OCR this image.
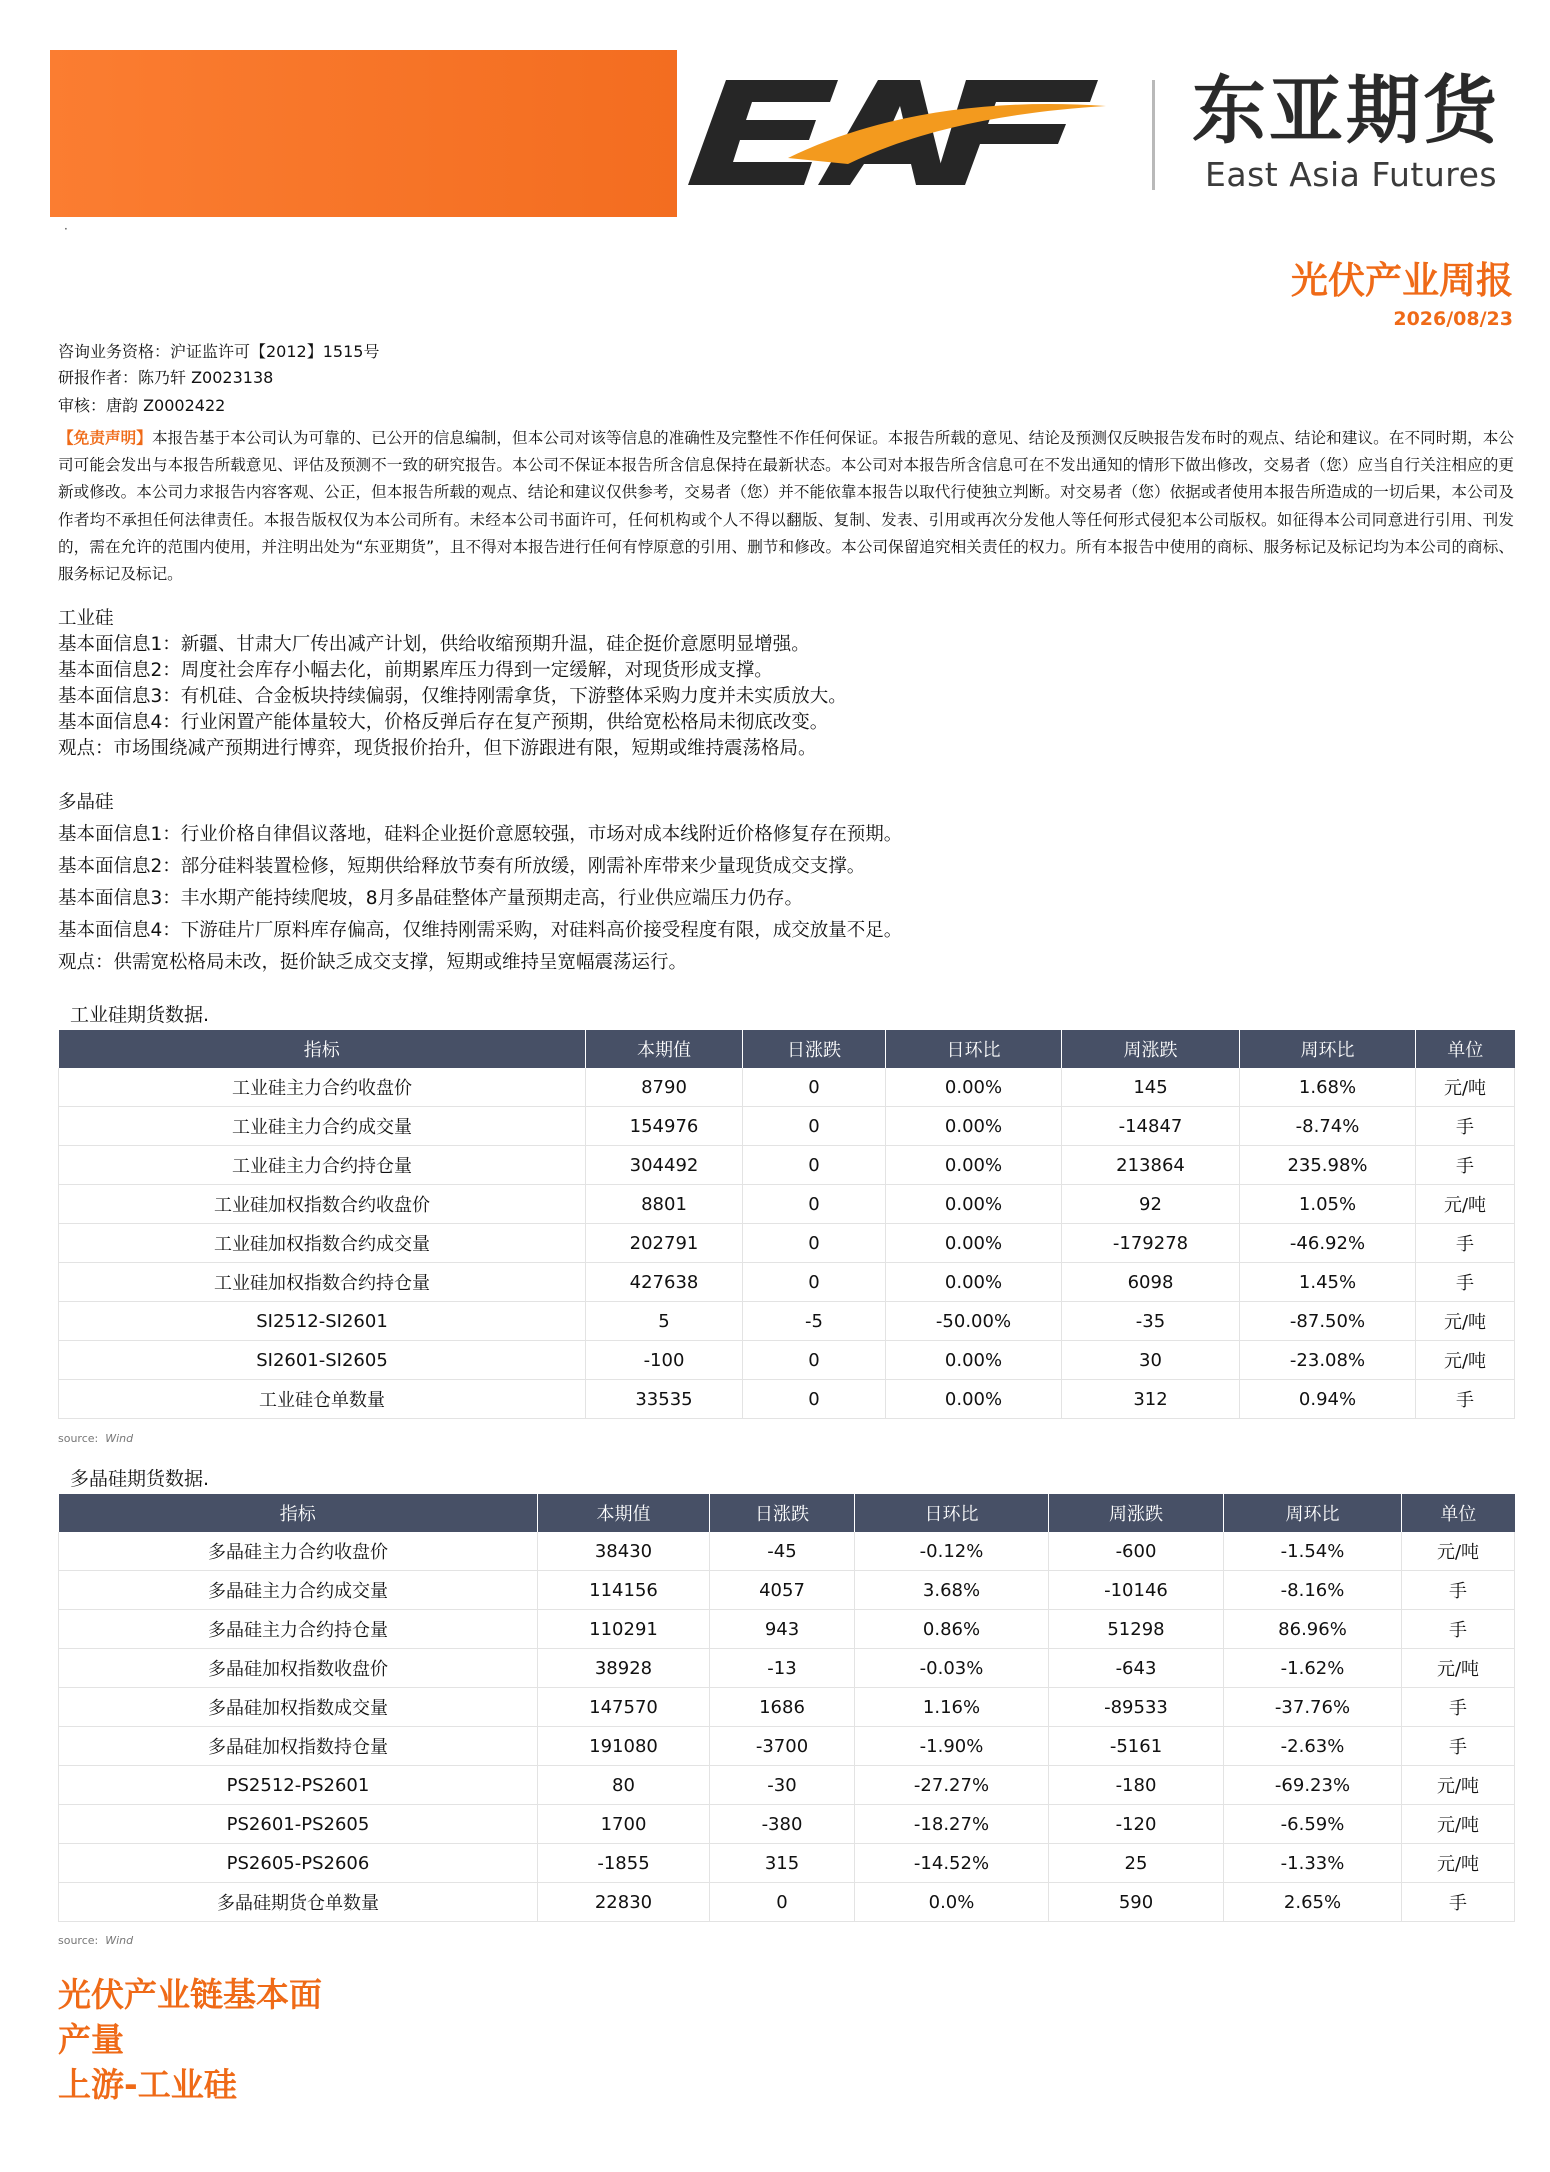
东亚期货
East Asia Futures
·
光伏产业周报
2026/08/23
咨询业务资格：沪证监许可【2012】1515号
研报作者：陈乃轩 Z0023138
审核：唐韵 Z0002422
【免责声明】本报告基于本公司认为可靠的、已公开的信息编制，但本公司对该等信息的准确性及完整性不作任何保证。本报告所载的意见、结论及预测仅反映报告发布时的观点、结论和建议。在不同时期，本公司可能会发出与本报告所载意见、评估及预测不一致的研究报告。本公司不保证本报告所含信息保持在最新状态。本公司对本报告所含信息可在不发出通知的情形下做出修改，交易者（您）应当自行关注相应的更新或修改。本公司力求报告内容客观、公正，但本报告所载的观点、结论和建议仅供参考，交易者（您）并不能依靠本报告以取代行使独立判断。对交易者（您）依据或者使用本报告所造成的一切后果，本公司及作者均不承担任何法律责任。本报告版权仅为本公司所有。未经本公司书面许可，任何机构或个人不得以翻版、复制、发表、引用或再次分发他人等任何形式侵犯本公司版权。如征得本公司同意进行引用、刊发的，需在允许的范围内使用，并注明出处为“东亚期货”，且不得对本报告进行任何有悖原意的引用、删节和修改。本公司保留追究相关责任的权力。所有本报告中使用的商标、服务标记及标记均为本公司的商标、服务标记及标记。
工业硅
基本面信息1：新疆、甘肃大厂传出减产计划，供给收缩预期升温，硅企挺价意愿明显增强。
基本面信息2：周度社会库存小幅去化，前期累库压力得到一定缓解，对现货形成支撑。
基本面信息3：有机硅、合金板块持续偏弱，仅维持刚需拿货，下游整体采购力度并未实质放大。
基本面信息4：行业闲置产能体量较大，价格反弹后存在复产预期，供给宽松格局未彻底改变。
观点：市场围绕减产预期进行博弈，现货报价抬升，但下游跟进有限，短期或维持震荡格局。
多晶硅
基本面信息1：行业价格自律倡议落地，硅料企业挺价意愿较强，市场对成本线附近价格修复存在预期。
基本面信息2：部分硅料装置检修，短期供给释放节奏有所放缓，刚需补库带来少量现货成交支撑。
基本面信息3：丰水期产能持续爬坡，8月多晶硅整体产量预期走高，行业供应端压力仍存。
基本面信息4：下游硅片厂原料库存偏高，仅维持刚需采购，对硅料高价接受程度有限，成交放量不足。
观点：供需宽松格局未改，挺价缺乏成交支撑，短期或维持呈宽幅震荡运行。
工业硅期货数据.
指标	本期值	日涨跌	日环比	周涨跌	周环比	单位
工业硅主力合约收盘价	8790	0	0.00%	145	1.68%	元/吨
工业硅主力合约成交量	154976	0	0.00%	-14847	-8.74%	手
工业硅主力合约持仓量	304492	0	0.00%	213864	235.98%	手
工业硅加权指数合约收盘价	8801	0	0.00%	92	1.05%	元/吨
工业硅加权指数合约成交量	202791	0	0.00%	-179278	-46.92%	手
工业硅加权指数合约持仓量	427638	0	0.00%	6098	1.45%	手
SI2512-SI2601	5	-5	-50.00%	-35	-87.50%	元/吨
SI2601-SI2605	-100	0	0.00%	30	-23.08%	元/吨
工业硅仓单数量	33535	0	0.00%	312	0.94%	手
source: Wind
多晶硅期货数据.
指标	本期值	日涨跌	日环比	周涨跌	周环比	单位
多晶硅主力合约收盘价	38430	-45	-0.12%	-600	-1.54%	元/吨
多晶硅主力合约成交量	114156	4057	3.68%	-10146	-8.16%	手
多晶硅主力合约持仓量	110291	943	0.86%	51298	86.96%	手
多晶硅加权指数收盘价	38928	-13	-0.03%	-643	-1.62%	元/吨
多晶硅加权指数成交量	147570	1686	1.16%	-89533	-37.76%	手
多晶硅加权指数持仓量	191080	-3700	-1.90%	-5161	-2.63%	手
PS2512-PS2601	80	-30	-27.27%	-180	-69.23%	元/吨
PS2601-PS2605	1700	-380	-18.27%	-120	-6.59%	元/吨
PS2605-PS2606	-1855	315	-14.52%	25	-1.33%	元/吨
多晶硅期货仓单数量	22830	0	0.0%	590	2.65%	手
source: Wind
光伏产业链基本面
产量
上游-工业硅
